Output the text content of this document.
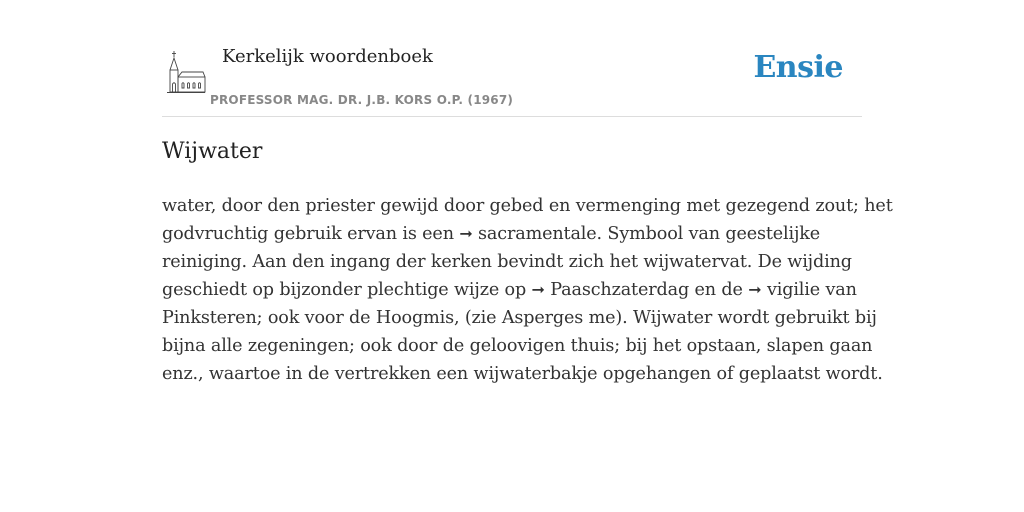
Kerkelijk woordenboek
PROFESSOR MAG. DR. J.B. KORS O.P. (1967)
Ensie
Wijwater
water, door den priester gewijd door gebed en vermenging met gezegend zout; het
godvruchtig gebruik ervan is een ➞ sacramentale. Symbool van geestelijke
reiniging. Aan den ingang der kerken bevindt zich het wijwatervat. De wijding
geschiedt op bijzonder plechtige wijze op ➞ Paaschzaterdag en de ➞ vigilie van
Pinksteren; ook voor de Hoogmis, (zie Asperges me). Wijwater wordt gebruikt bij
bijna alle zegeningen; ook door de geloovigen thuis; bij het opstaan, slapen gaan
enz., waartoe in de vertrekken een wijwaterbakje opgehangen of geplaatst wordt.
